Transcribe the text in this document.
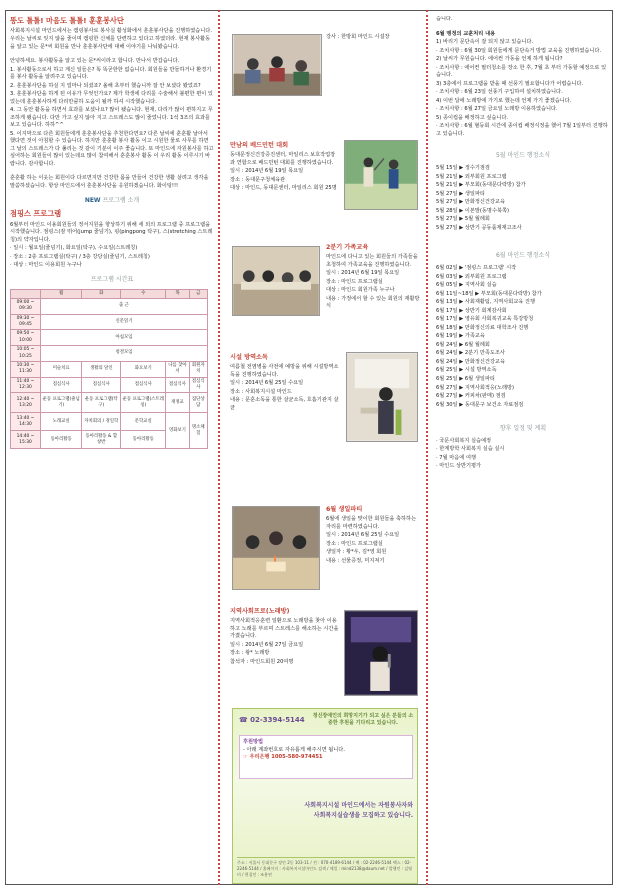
똥도 톨톨! 마음도 톨톨! 훈훈봉사단

사회복지시설 마인드에서는 캠핑봉사로 봉사실 활성화에서 훈훈봉사단을 진행하였습니다. 우리는 날씨로 잊지 않을 줄이며 캠핑한 신체를 단련하고 있다고 하였더라. 현재 봉사활동을 알고 있는 문*씨 회원을 만나 훈훈봉사단에 대해 이야기를 나눠봤습니다.

안녕하세요. 봉사활동을 알고 있는 문*씨이라고 합니다. 만나서 반갑습니다.

1. 봉사활동으로서 하고 계신 일들은? 똑 똑굳한한 없습니다. 회원들을 만들하거나 환경기를 봉사 활동을 알려주고 있습니다.

2. 훈훈봉사단을 하실 지 얼마나 되셨죠? 올해 초부터 했습니까 잘 안 보셨다 봤었죠?

3. 훈훈봉사단을 하게 된 이유가 무엇인가요? 제가 학생에 다리를 수술해서 불편한 편이 있었는데 훈훈봉사하게 다리만큼하 도움이 될까 하셔 시작했습니다.

4. 그 동안 활동을 하면서 효과를 보셨나요? 많이 됐습니다. 현재, 다리가 많이 편하지고 무조하게 됐습니다. 다만 가고 싶지 않아 지고 스트레스도 많이 줄었니다. 1석 3조의 효과를 보고 있습니다. 하하^^

5. 이지막으로 다른 회원들에게 훈훈봉사단을 추천한다면요? 다른 날씨에 훈훈활 날아서 했다면 것이 아침할 수 있습니다. 하지만 훈훈활 봉사 활동 이고 시원한 물로 사무를 하면 그 날의 스트레스가 다 풀리는 것 같이 기분이 이주 좋습니다. 또 마인드에 자원봉사를 하고 싶어하는 회원들이 많이 있는데요 많이 참여해서 훈훈봉사 활동 이 우리 활동 이루시기 바랍니다. 감사합니다.

훈훈활 하는 이웃는 회원이다 다르면지만 건강한 몸을 만들어 건강한 생활 살려고 생각을 말씀하셨습니다. 항상 마인드에서 훈훈봉사단을 응원하겠습니다. 화이팅!!!

NEW 프로그램 소개
점핑스 프로그램

6월부터 마인드 이용회원들의 정서지원을 향상하기 위해 세 외의 프로그램 중 프로그램을 시작했습니다. 점핑스(잠 뛰어(jump 줄넘기), 핑(pingpong 탁구), 스(stretching 스트레칭)의 약자입니다.

· 일시 : 월요일(줄넘기), 화요일(탁구), 수요일(스트레칭)

· 장소 : 2층 프로그램실(탁구) / 3층 강당실(줄넘기, 스트레칭)

· 대상 : 마인드 이용회원 누구나

프로그램 시간표
	월	화	수	목	금
09:00 ~ 09:30	출 근				
09:30 ~ 09:45	신문읽기				
09:50 ~ 10:00	아침모임				
10:05 ~ 10:25	청결모임				
10:30 ~ 11:30	미술치료	생활의 달인	화요보기	나를 찾아서	회원자치
11:40 ~ 12:30	점심식사	점심식사	점심식사	점심식사	점심식사
12:40 ~ 13:20	운동 프로그램(줄넘기)	운동 프로그램(탁구)	운동 프로그램(스트레칭)	재정교	집단상담
13:40 ~ 14:30	노래교실	자치회의 / 경일학	문학교실	영화보기	명소체험
14:40 ~ 15:30	동아리활동	동아리활동 & 합창반	동아리활동		

강사 : 한방회 마인드 시설장

만남의 배드민턴 대회

동대문정신건강증진센터, 마일리스 보호작업장과 연합으로 배드민턴 대회를 진행하였습니다.

일시 : 2014년 6월 19일 목요일

장소 : 동대문구청체육관

대상 : 마인드, 동대문센터, 마일리스 회원 25명

2분기 가족교육

마인드에 다니고 있는 회원들의 가족들을 초청하여 가족교육을 진행하였습니다.

일시 : 2014년 6월 19일 목요일

장소 : 마인드 프로그램실

대상 : 마인드 회원가족 누구나

내용 : 가정에서 할 수 있는 회원의 재활방식

시설 방역소독

여름철 전염병을 사전에 예방을 위해 시설방역소독을 진행하였습니다.

일시 : 2014년 6월 25일 수요일

장소 : 사회복지시설 마인드

내용 : 문훈소독을 통한 살균소독, 호흡기관지 살균

6월 생일파티

6월에 생일을 맞이한 회원들을 축하하는 자리를 마련하였습니다.

일시 : 2014년 6월 25일 수요일

장소 : 마인드 프로그램실

생일자 : 황*우, 김*영 회원

내용 : 선물증정, 미지져기

지역사회프로(노래방)

지역사회적응훈련 일환으로 노래방을 찾아 이용하고 노래를 부르며 스트레스를 해소하는 시간을 가졌습니다.

일시 : 2014년 6월 27일 금요일

장소 : 왕* 노래방

참석자 : 마인드회원 20여명

☎ 02-3394-5144	정신장애인의 희망지기가 되고 싶은 분들의 소중한 후원을 기다리고 있습니다.
후원방법
- 아래 계좌번호로 자유롭게 해주시면 됩니다.
☞ 우리은행 1005-580-974451
사회복지시설 마인드에서는 자원봉사자와
사회복지실습생을 모집하고 있습니다.
주소 : 서울시 동대문구 장안 2동 103-11 / 전 : 070-4189-6144 / 팩 : 02-2246-5144 팩스 : 02-2246-5144 / 홈페이지 : 사회복지시설마인드 검색 / 메일 : mind2138@daum.net / 발행인 : 김영미 / 편집인 : 조용연

습니다.

6월 맹정의 교훈처리 내용

1) 바리기 문단속이 잘 되지 않고 있습니다.

· 조치사항 : 6월 30일 회원들에게 문단속거 방법 교육을 진행하였습니다.

2) 날씨가 무원습니다. 에어컨 가동을 언제 하게 됩니다?

· 조치사항 : 에어컨 필터청소를 장소 한 후, 7월 초 부터 가동할 예정으로 있습니다.

3) 3층에서 프로그램을 받을 때 선풍기 필요합니다가 어렵습니다.

· 조치사항 : 6월 23일 선풍기 구입하여 설치하였습니다.

4) 이번 달에 노래방에 가기로 했는데 언제 가기 좋겠습니다.

· 조치사항 : 6월 27일 금요일 노래방 이용하였습니다.

5) 종이컵을 배정하고 싶습니다.

· 조치사항 : 6월 혈등회 시간에 종이컵 배정식정을 했어 7월 1일부터 진행하고 있습니다.

5월 마인드 행정소식

5월 15일 ▶ 정수기점검

5월 21일 ▶ 외부회원 프로그램

5월 21일 ▶ 부모회(동대문다락방) 참가

5월 27일 ▶ 생일파티

5월 27일 ▶ 만화정신건강교육

5월 28일 ▶ 이본발(동명수북쪽)

5월 27일 ▶ 5월 월례회

5월 27일 ▶ 상반기 공동품제재고조사

6월 마인드 행정소식

6월 02일 ▶ '점핑스 프로그램' 시작

6월 03일 ▶ 외부회원 프로그램

6월 05일 ▶ 지역사회 실습

6월 11일~18일 ▶ 부모회(동대문다락방) 참가

6월 13일 ▶ 사회재활팀, 지역사회교육 진행

6월 17일 ▶ 상반기 회계감사회

6월 17일 ▶ 영유회 사회복귀교육 특강방청

6월 18일 ▶ 만화정신의료 대학조사 진행

6월 19일 ▶ 가족교육

6월 24일 ▶ 6월 월례회

6월 24일 ▶ 2분기 만족도조사

6월 24일 ▶ 만화정신건강교육

6월 25일 ▶ 시설 방역소독

6월 25일 ▶ 6월 생일파티

6월 27일 ▶ 지역사회적응(노래방)

6월 27일 ▶ 커피차(판매) 점검

6월 30일 ▶ 동대문구 보건소 자료점검

향후 일정 및 계획

· 국문사회복지 실습예정

· 한계방학 사회복지 실습 실시

· 7월 마음에 여행

· 마인드 상반기평가
